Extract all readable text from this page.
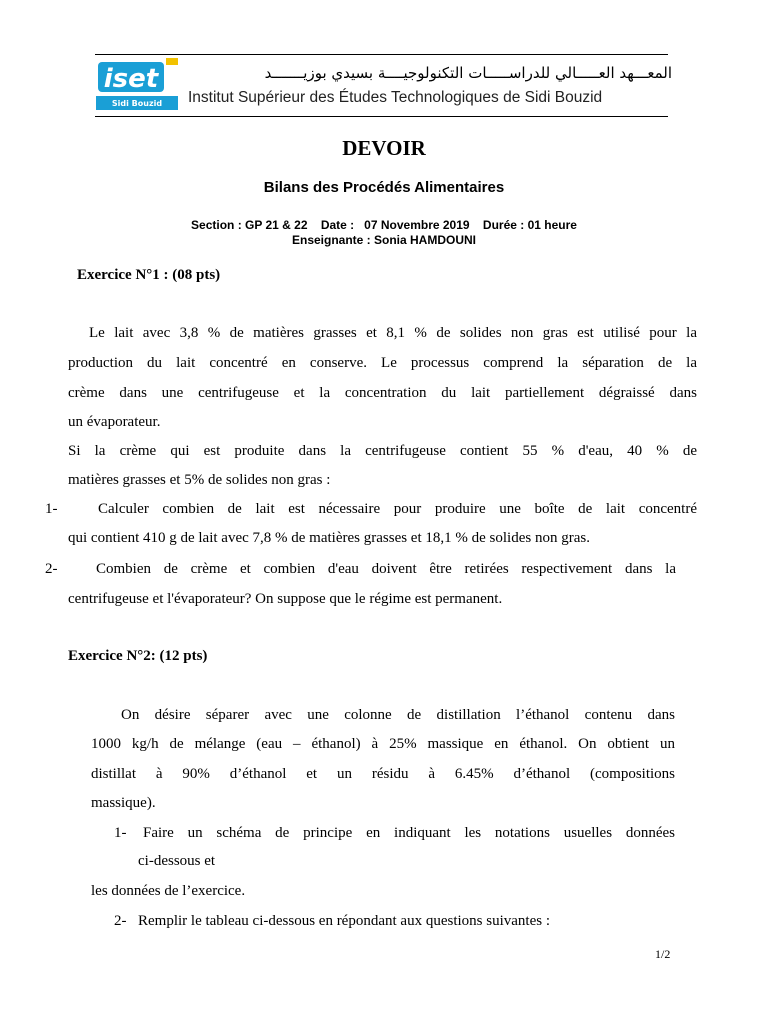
iset
Sidi Bouzid
المعـــهد العـــــالي للدراســـــات التكنولوجيــــة بسيدي بوزيـــــــد
Institut Supérieur des Études Technologiques de Sidi Bouzid
DEVOIR
Bilans des Procédés Alimentaires
Section : GP 21 & 22    Date :   07 Novembre 2019    Durée : 01 heure
Enseignante : Sonia HAMDOUNI
Exercice N°1 : (08 pts)
Le lait avec 3,8 % de matières grasses et 8,1 % de solides non gras est utilisé pour la
production du lait concentré en conserve. Le processus comprend la séparation de la
crème dans une centrifugeuse et la concentration du lait partiellement dégraissé dans
un évaporateur.
Si la crème qui est produite dans la centrifugeuse contient 55 % d'eau, 40 % de
matières grasses et 5% de solides non gras :
1-	Calculer combien de lait est nécessaire pour produire une boîte de lait concentré
qui contient 410 g de lait avec 7,8 % de matières grasses et 18,1 % de solides non gras.
2-	Combien de crème et combien d'eau doivent être retirées respectivement dans la
centrifugeuse et l'évaporateur? On suppose que le régime est permanent.
Exercice N°2: (12 pts)
On désire séparer avec une colonne de distillation l’éthanol contenu dans
1000 kg/h de mélange (eau – éthanol) à 25% massique en éthanol. On obtient un
distillat à 90% d’éthanol et un résidu à 6.45% d’éthanol (compositions
massique).
1- Faire un schéma de principe en indiquant les notations usuelles données
ci-dessous et
les données de l’exercice.
2- Remplir le tableau ci-dessous en répondant aux questions suivantes :
1/2
